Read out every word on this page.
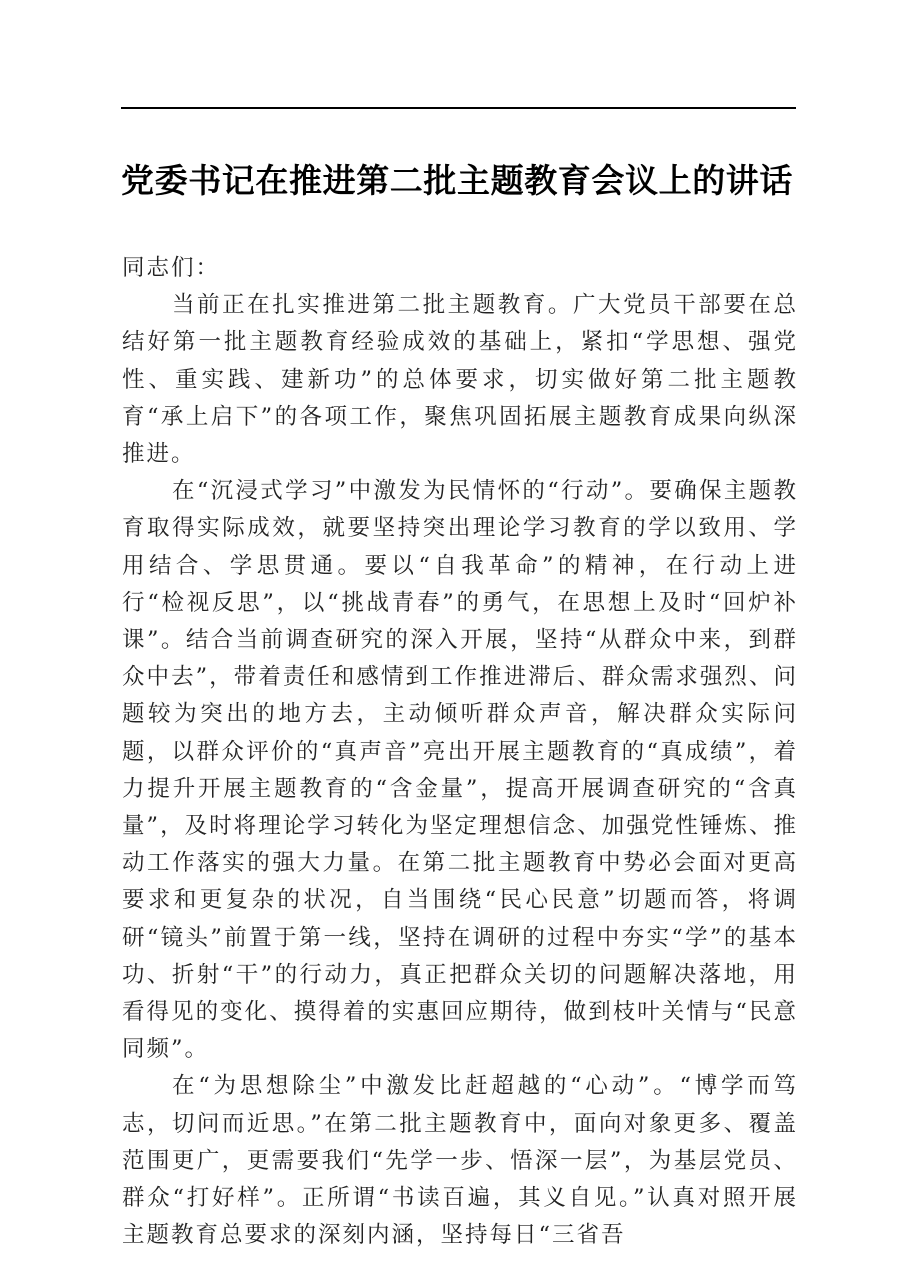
党委书记在推进第二批主题教育会议上的讲话

同志们：

当前正在扎实推进第二批主题教育。广大党员干部要在总结好第一批主题教育经验成效的基础上，紧扣“学思想、强党性、重实践、建新功”的总体要求，切实做好第二批主题教育“承上启下”的各项工作，聚焦巩固拓展主题教育成果向纵深推进。

在“沉浸式学习”中激发为民情怀的“行动”。要确保主题教育取得实际成效，就要坚持突出理论学习教育的学以致用、学用结合、学思贯通。要以“自我革命”的精神，在行动上进行“检视反思”，以“挑战青春”的勇气，在思想上及时“回炉补课”。结合当前调查研究的深入开展，坚持“从群众中来，到群众中去”，带着责任和感情到工作推进滞后、群众需求强烈、问题较为突出的地方去，主动倾听群众声音，解决群众实际问题，以群众评价的“真声音”亮出开展主题教育的“真成绩”，着力提升开展主题教育的“含金量”，提高开展调查研究的“含真量”，及时将理论学习转化为坚定理想信念、加强党性锤炼、推动工作落实的强大力量。在第二批主题教育中势必会面对更高要求和更复杂的状况，自当围绕“民心民意”切题而答，将调研“镜头”前置于第一线，坚持在调研的过程中夯实“学”的基本功、折射“干”的行动力，真正把群众关切的问题解决落地，用看得见的变化、摸得着的实惠回应期待，做到枝叶关情与“民意同频”。

在“为思想除尘”中激发比赶超越的“心动”。“博学而笃志，切问而近思。”在第二批主题教育中，面向对象更多、覆盖范围更广，更需要我们“先学一步、悟深一层”，为基层党员、群众“打好样”。正所谓“书读百遍，其义自见。”认真对照开展主题教育总要求的深刻内涵，坚持每日“三省吾
